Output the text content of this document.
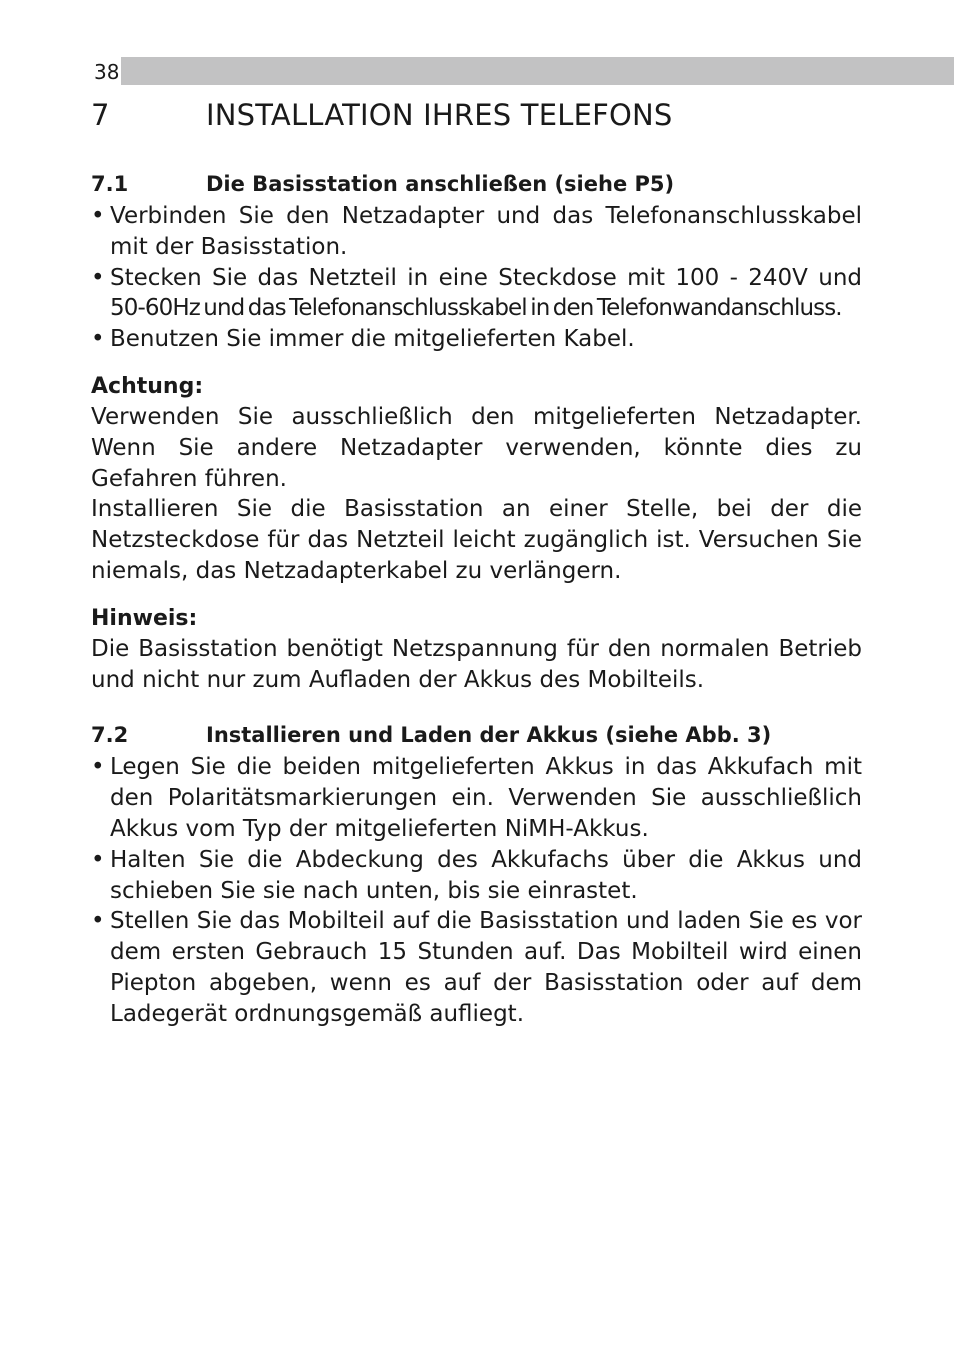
38
7	INSTALLATION IHRES TELEFONS
7.1	Die Basisstation anschließen (siehe P5)
• Verbinden Sie den Netzadapter und das Telefonanschlusskabel mit der Basisstation.
• Stecken Sie das Netzteil in eine Steckdose mit 100 - 240V und
50-60Hz und das Telefonanschlusskabel in den Telefonwandanschluss.
• Benutzen Sie immer die mitgelieferten Kabel.
Achtung:

Verwenden Sie ausschließlich den mitgelieferten Netzadapter. Wenn Sie andere Netzadapter verwenden, könnte dies zu Gefahren führen.

Installieren Sie die Basisstation an einer Stelle, bei der die Netzsteckdose für das Netzteil leicht zugänglich ist. Versuchen Sie niemals, das Netzadapterkabel zu verlängern.

Hinweis:

Die Basisstation benötigt Netzspannung für den normalen Betrieb und nicht nur zum Aufladen der Akkus des Mobilteils.

7.2	Installieren und Laden der Akkus (siehe Abb. 3)
• Legen Sie die beiden mitgelieferten Akkus in das Akkufach mit den Polaritätsmarkierungen ein. Verwenden Sie ausschließlich Akkus vom Typ der mitgelieferten NiMH-Akkus.
• Halten Sie die Abdeckung des Akkufachs über die Akkus und schieben Sie sie nach unten, bis sie einrastet.
• Stellen Sie das Mobilteil auf die Basisstation und laden Sie es vor dem ersten Gebrauch 15 Stunden auf. Das Mobilteil wird einen Piepton abgeben, wenn es auf der Basisstation oder auf dem Ladegerät ordnungsgemäß aufliegt.
